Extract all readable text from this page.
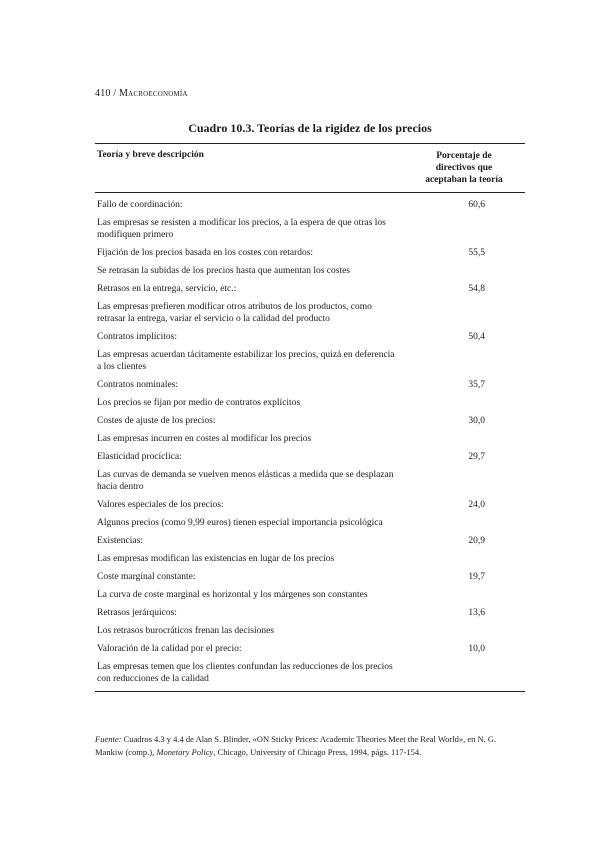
410 / Macroeconomía
Cuadro 10.3. Teorías de la rigidez de los precios
Teoría y breve descripción	Porcentaje de
directivos que
aceptaban la teoría
Fallo de coordinación:	60,6
Las empresas se resisten a modificar los precios, a la espera de que otras los modifiquen primero
Fijación de los precios basada en los costes con retardos:	55,5
Se retrasan la subidas de los precios hasta que aumentan los costes
Retrasos en la entrega, servicio, etc.:	54,8
Las empresas prefieren modificar otros atributos de los productos, como retrasar la entrega, variar el servicio o la calidad del producto
Contratos implícitos:	50,4
Las empresas acuerdan tácitamente estabilizar los precios, quizá en deferencia a los clientes
Contratos nominales:	35,7
Los precios se fijan por medio de contratos explícitos
Costes de ajuste de los precios:	30,0
Las empresas incurren en costes al modificar los precios
Elasticidad procíclica:	29,7
Las curvas de demanda se vuelven menos elásticas a medida que se desplazan hacia dentro
Valores especiales de los precios:	24,0
Algunos precios (como 9,99 euros) tienen especial importancia psicológica
Existencias:	20,9
Las empresas modifican las existencias en lugar de los precios
Coste marginal constante:	19,7
La curva de coste marginal es horizontal y los márgenes son constantes
Retrasos jerárquicos:	13,6
Los retrasos burocráticos frenan las decisiones
Valoración de la calidad por el precio:	10,0
Las empresas temen que los clientes confundan las reducciones de los precios con reducciones de la calidad
Fuente: Cuadros 4.3 y 4.4 de Alan S. Blinder, «ON Sticky Prices: Academic Theories Meet the Real World», en N. G. Mankiw (comp.), Monetary Policy, Chicago, University of Chicago Press, 1994, págs. 117-154.
